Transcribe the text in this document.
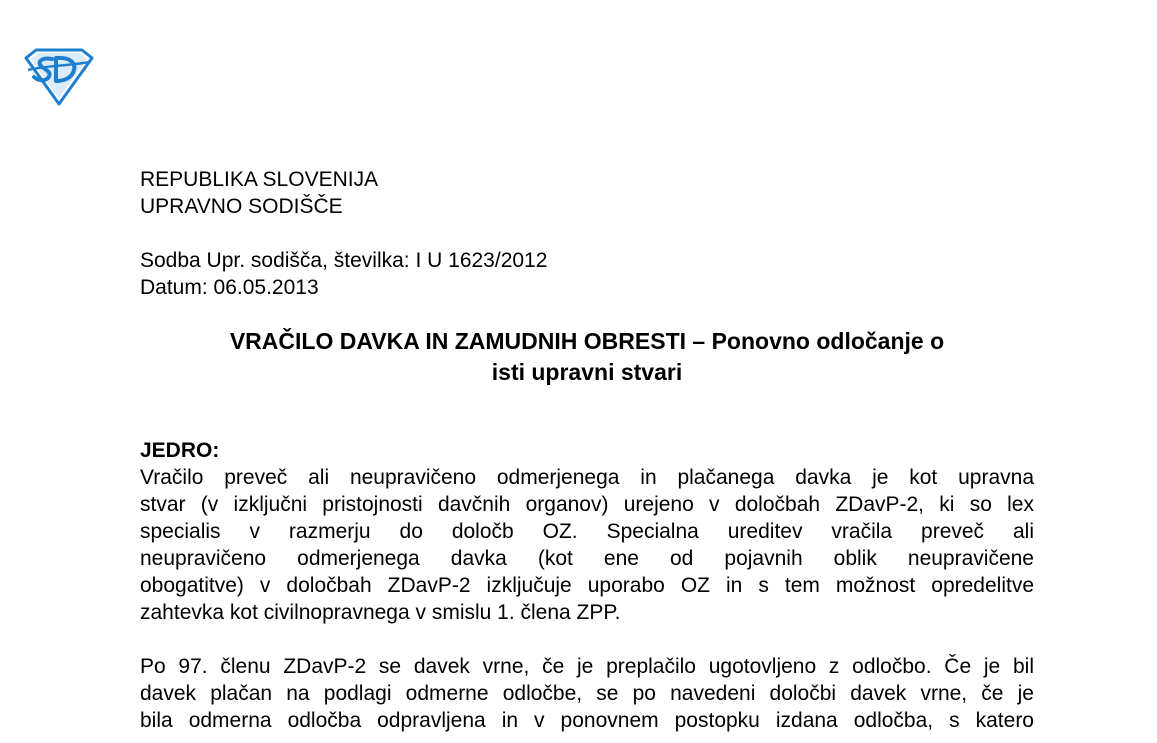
REPUBLIKA SLOVENIJA
UPRAVNO SODIŠČE
Sodba Upr. sodišča, številka: I U 1623/2012
Datum: 06.05.2013
VRAČILO DAVKA IN ZAMUDNIH OBRESTI – Ponovno odločanje o
isti upravni stvari
JEDRO:
Vračilo preveč ali neupravičeno odmerjenega in plačanega davka je kot upravna
stvar (v izključni pristojnosti davčnih organov) urejeno v določbah ZDavP-2, ki so lex
specialis v razmerju do določb OZ. Specialna ureditev vračila preveč ali
neupravičeno odmerjenega davka (kot ene od pojavnih oblik neupravičene
obogatitve) v določbah ZDavP-2 izključuje uporabo OZ in s tem možnost opredelitve
zahtevka kot civilnopravnega v smislu 1. člena ZPP.
Po 97. členu ZDavP-2 se davek vrne, če je preplačilo ugotovljeno z odločbo. Če je bil
davek plačan na podlagi odmerne odločbe, se po navedeni določbi davek vrne, če je
bila odmerna odločba odpravljena in v ponovnem postopku izdana odločba, s katero
